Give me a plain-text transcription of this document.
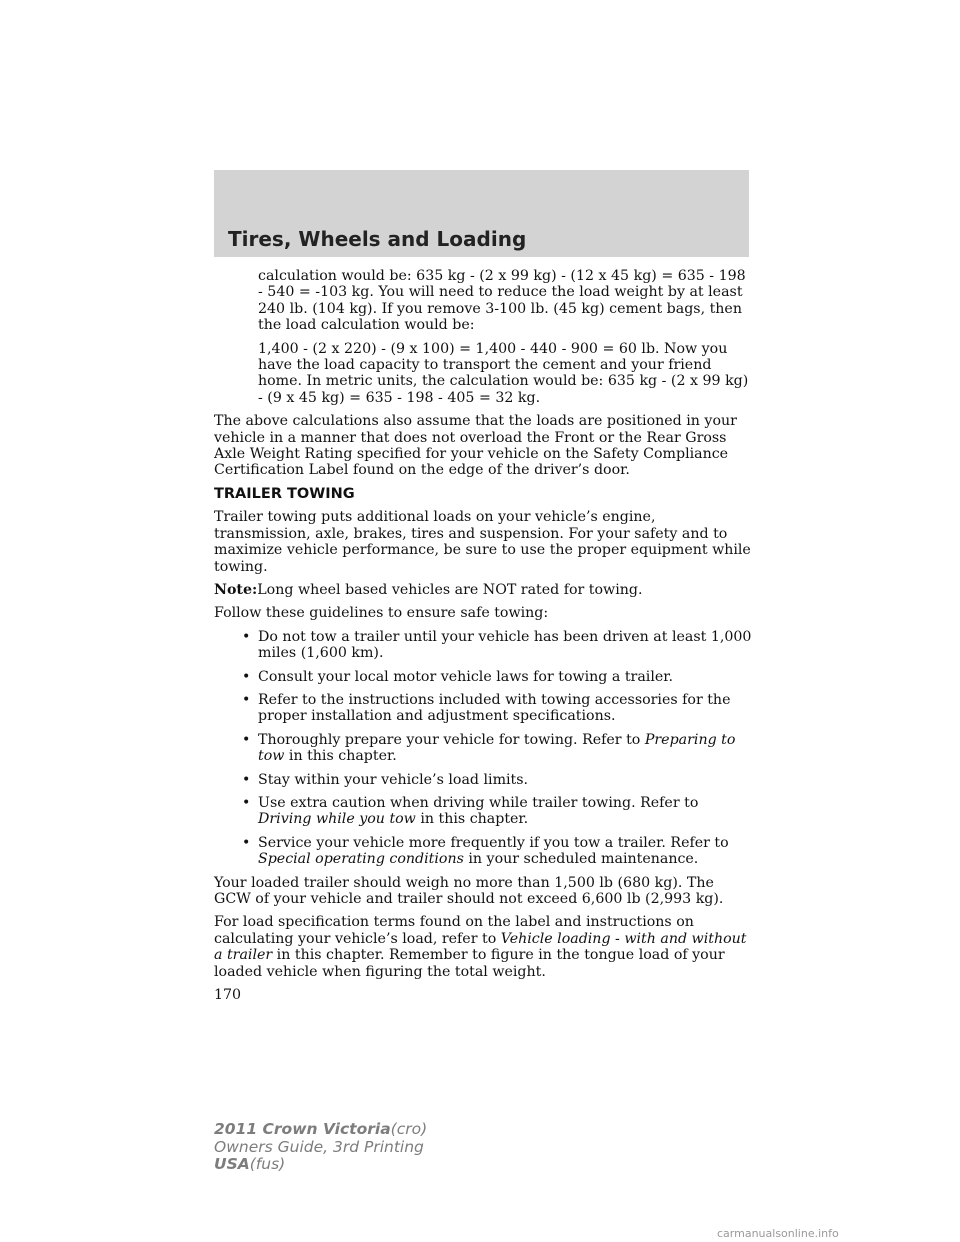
Tires, Wheels and Loading

calculation would be: 635 kg - (2 x 99 kg) - (12 x 45 kg) = 635 - 198 - 540 = -103 kg. You will need to reduce the load weight by at least 240 lb. (104 kg). If you remove 3-100 lb. (45 kg) cement bags, then the load calculation would be:

1,400 - (2 x 220) - (9 x 100) = 1,400 - 440 - 900 = 60 lb. Now you have the load capacity to transport the cement and your friend home. In metric units, the calculation would be: 635 kg - (2 x 99 kg) - (9 x 45 kg) = 635 - 198 - 405 = 32 kg.

The above calculations also assume that the loads are positioned in your vehicle in a manner that does not overload the Front or the Rear Gross Axle Weight Rating specified for your vehicle on the Safety Compliance Certification Label found on the edge of the driver’s door.

TRAILER TOWING

Trailer towing puts additional loads on your vehicle’s engine, transmission, axle, brakes, tires and suspension. For your safety and to maximize vehicle performance, be sure to use the proper equipment while towing.

Note:Long wheel based vehicles are NOT rated for towing.

Follow these guidelines to ensure safe towing:

• Do not tow a trailer until your vehicle has been driven at least 1,000 miles (1,600 km).
• Consult your local motor vehicle laws for towing a trailer.
• Refer to the instructions included with towing accessories for the proper installation and adjustment specifications.
• Thoroughly prepare your vehicle for towing. Refer to Preparing to tow in this chapter.
• Stay within your vehicle’s load limits.
• Use extra caution when driving while trailer towing. Refer to Driving while you tow in this chapter.
• Service your vehicle more frequently if you tow a trailer. Refer to Special operating conditions in your scheduled maintenance.

Your loaded trailer should weigh no more than 1,500 lb (680 kg). The GCW of your vehicle and trailer should not exceed 6,600 lb (2,993 kg).

For load specification terms found on the label and instructions on calculating your vehicle’s load, refer to Vehicle loading - with and without a trailer in this chapter. Remember to figure in the tongue load of your loaded vehicle when figuring the total weight.

170
2011 Crown Victoria(cro)
Owners Guide, 3rd Printing
USA(fus)
carmanualsonline.info
